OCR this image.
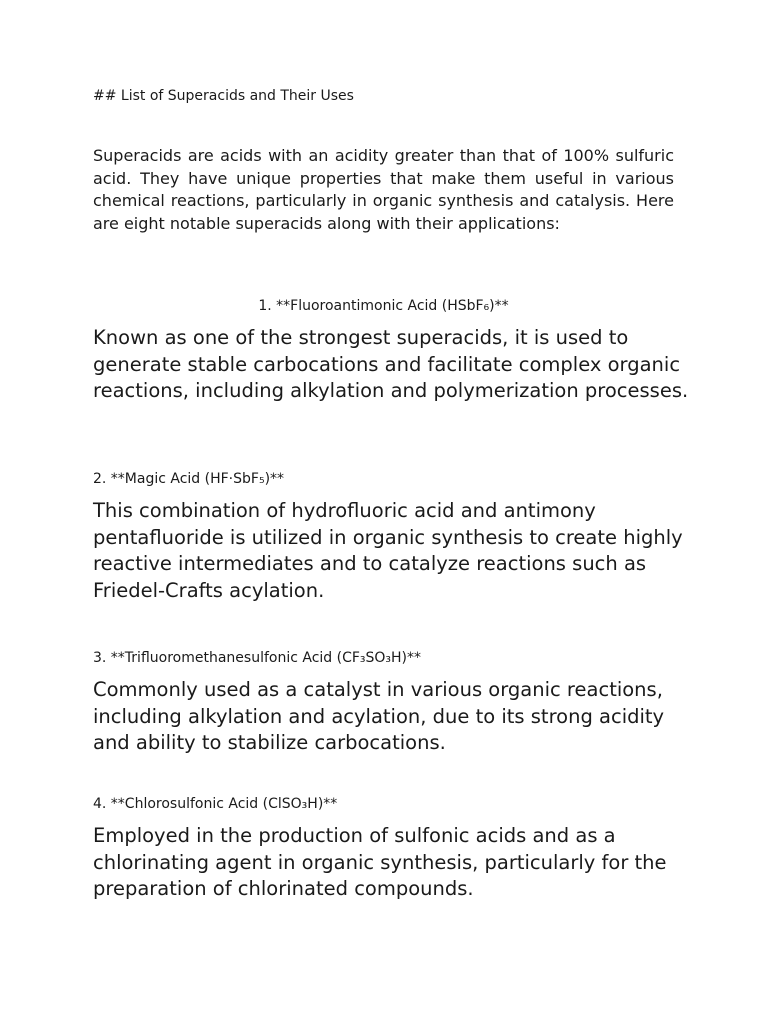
## List of Superacids and Their Uses
Superacids are acids with an acidity greater than that of 100% sulfuric acid. They have unique properties that make them useful in various chemical reactions, particularly in organic synthesis and catalysis. Here are eight notable superacids along with their applications:
1. **Fluoroantimonic Acid (HSbF₆)**
Known as one of the strongest superacids, it is used to generate stable carbocations and facilitate complex organic reactions, including alkylation and polymerization processes.
2. **Magic Acid (HF·SbF₅)**
This combination of hydrofluoric acid and antimony pentafluoride is utilized in organic synthesis to create highly reactive intermediates and to catalyze reactions such as Friedel-Crafts acylation.
3. **Trifluoromethanesulfonic Acid (CF₃SO₃H)**
Commonly used as a catalyst in various organic reactions, including alkylation and acylation, due to its strong acidity and ability to stabilize carbocations.
4. **Chlorosulfonic Acid (ClSO₃H)**
Employed in the production of sulfonic acids and as a chlorinating agent in organic synthesis, particularly for the preparation of chlorinated compounds.
